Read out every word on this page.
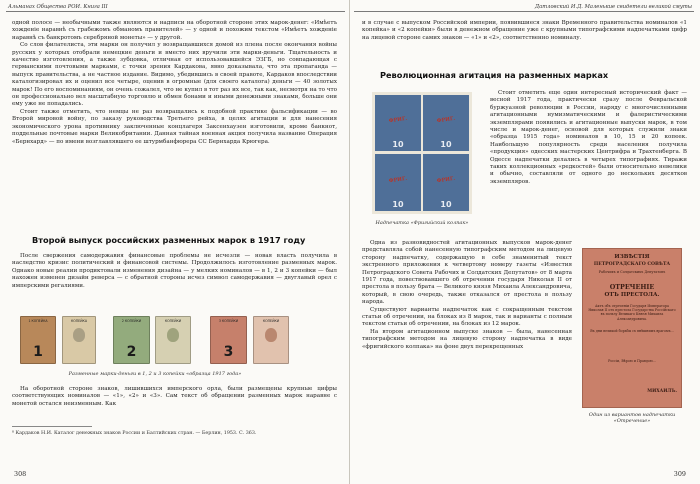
Альманах Общества РОИ. Книга III

одной полосе — необычными также являются и надписи на оборотной стороне этих марок-денег: «Имѣетъ хожденiе наравнѣ съ грабежомъ обманомъ правителей» — у одной и похожим текстом «Имѣетъ хожденiе наравнѣ съ банкротомъ серебряной монеты» — у другой.

Со слов филателиста, эти марки он получил у возвращавшихся домой из плена после окончания войны русских у которых отобрали немецкие деньги и вместо них вручили эти марки-деньги. Тщательность и качество изготовления, а также зубцовка, отличная от использовавшейся ЭЗГБ, но совпадающая с германскими почтовыми марками, с точки зрения Кардакова, явно доказывала, что эта пропаганда — выпуск правительства, а не частное издание. Видимо, убедившись в своей правоте, Кардаков впоследствии каталогизировал их и оценил все четыре, оценив в огромные (для своего каталога) деньги — 40 золотых марок! По его воспоминаниям, он очень сожалел, что не купил в тот раз их все, так как, несмотря на то что он профессионально вел масштабную торговлю и обмен бонами и иными денежными знаками, больше они ему уже не попадались.

Стоит также отметить, что немцы не раз возвращались к подобной практике фальсификации — во Второй мировой войну, по заказу руководства Третьего рейха, в целях агитации и для нанесения экономического урона противнику заключенные концлагеря Заксенхаузен изготовили, кроме банкнот, поддельные почтовые марки Великобритании. Данная тайная военная акция получила название Операция «Бернхард» — по имени возглавлявшего ее штурмбанфюрера СС Бернхарда Крюгера.

Второй выпуск российских разменных марок в 1917 году

После свержения самодержавия финансовые проблемы не исчезли — новая власть получила в наследство кризис политический и финансовой системы. Продолжилось изготовление разменных марок. Однако новые реалии продиктовали изменения дизайна — у мелких номиналов — в 1, 2 и 3 копейки — был нахожен изменен дизайн реверса — с обратной стороны исчез символ самодержавия — двуглавый орел с имперскими регалиями.

1 КОПЕЙКА
1
КОПЕЙКА	2 КОПЕЙКИ
2
КОПЕЙКИ	3 КОПЕЙКИ
3
КОПЕЙКИ
Разменные марки-деньги в 1, 2 и 3 копейки «образца 1917 года»

На оборотной стороне знаков, лишившихся имперского орла, были размещены крупные цифры соответствующих номиналов — «1», «2» и «3». Сам текст об обращении разменных марок наравне с монетой остался неизменным. Как

⁸ Кардаков Н.И. Каталог денежных знаков России и Балтийских стран. — Берлин, 1953. С. 363.
308
Датловский И.Д. Маленькие свидетели великой смуты

и в случае с выпуском Российской империи, появившиеся знаки Временного правительства номиналов «1 копейка» и «2 копейки» были в денежном обращение уже с крупными типографскими надпечатками цифр на лицевой стороне самих знаков — «1» и «2», соответственно номиналу.

Революционная агитация на разменных марках
ФРИГ.
10
ФРИГ.
10
ФРИГ.
10
ФРИГ.
10
Надпечатка «Фригийский колпак»

Стоит отметить еще один интересный исторический факт — весной 1917 года, практически сразу после Февральской буржуазной революции в России, наряду с многочисленными агитационными нумизматическими и фалеристическими экземплярами появились и агитационные выпуски марок, в том числе и марок-денег, основой для которых служили знаки «образца 1915 года» номиналов в 10, 15 и 20 копеек. Наибольшую популярность среди населения получила «продукция» одесских мастерских Центрифра и Трахтенберга. В Одессе надпечатки делались в четырех типографиях. Тиражи таких коллекционных «редкостей» были относительно невелики и обычно, составляли от одного до нескольких десятков экземпляров.

Одна из разновидностей агитационных выпусков марок-денег представляла собой нанесенную типографским методом на лицевую сторону надпечатку, содержащую в себе знаменитый текст экстренного приложения к четвертому номеру газеты «Известия Петроградского Совета Рабочих и Солдатских Депутатов» от 8 марта 1917 года, повествовавшего об отречении государя Николая II от престола в пользу брата — Великого князя Михаила Александровича, который, в свою очередь, также отказался от престола в пользу народа.

Существуют варианты надпечаток как с сокращенным текстом статьи об отречении, на блоках из 8 марок, так и варианты с полным текстом статьи об отречении, на блоках из 12 марок.

На втором агитационном выпуске знаков — была, нанесенная типографским методом на лицевую сторону надпечатка в виде «фригийского колпака» на фоне двух перекрещенных

ИЗВѢСТIЯ
ПЕТРОГРАДСКАГО СОВѢТА
Рабочихъ и Солдатскихъ Депутатовъ
ОТРЕЧЕНIЕ
ОТЪ ПРЕСТОЛА.
Актъ объ отреченiи Государя Императора Николая II отъ престола Государства Россiйскаго въ пользу Великаго Князя Михаила Александровича.
Въ дни великой борьбы съ внѣшнимъ врагомъ...
Россiи, Вѣрою и Правдою...
МИХАИЛЪ.
Один из вариантов надпечатки «Отречение»
309
